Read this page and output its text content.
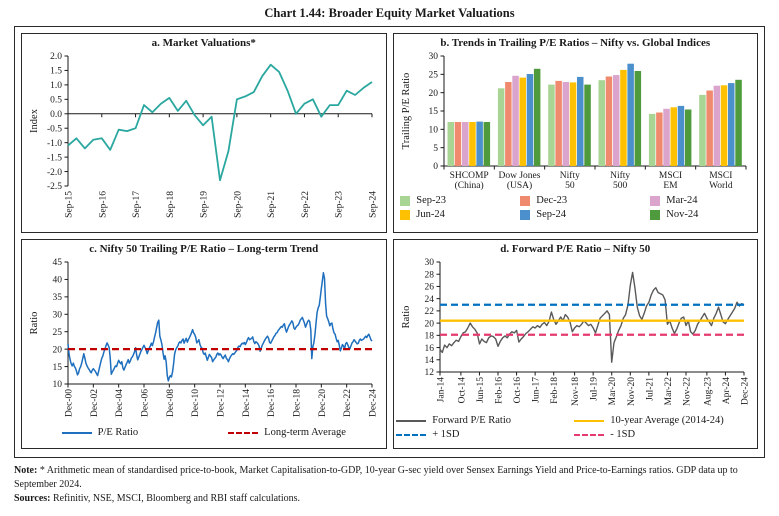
Chart 1.44: Broader Equity Market Valuations
a. Market Valuations*
-2.5
-2.0
-1.5
-1.0
-0.5
0.0
0.5
1.0
1.5
2.0
Index
Sep-15	Sep-16	Sep-17	Sep-18	Sep-19	Sep-20	Sep-21	Sep-22	Sep-23	Sep-24
b. Trends in Trailing P/E Ratios – Nifty vs. Global Indices
0
5
10
15
20
25
30
Trailing P/E Ratio
SHCOMP
(China)
Dow Jones
(USA)
Nifty
50
Nifty
500
MSCI
EM
MSCI
World
Sep-23	Dec-23	Mar-24
Jun-24	Sep-24	Nov-24
c. Nifty 50 Trailing P/E Ratio – Long-term Trend
10
15
20
25
30
35
40
45
Ratio
Dec-00 Dec-02 Dec-04 Dec-06 Dec-08 Dec-10 Dec-12 Dec-14 Dec-16 Dec-18 Dec-20 Dec-22 Dec-24
P/E Ratio	Long-term Average
d. Forward P/E Ratio – Nifty 50
12
14
16
18
20
22
24
26
28
30
Ratio
Jan-14 Oct-14 Jun-15 Feb-16 Oct-16 Jun-17 Feb-18 Nov-18 Jul-19 Mar-20 Nov-20 Jul-21 Mar-22 Nov-22 Aug-23 Apr-24 Dec-24
Forward P/E Ratio	10-year Average (2014-24)
+ 1SD	- 1SD

Note: * Arithmetic mean of standardised price-to-book, Market Capitalisation-to-GDP, 10-year G-sec yield over Sensex Earnings Yield and Price-to-Earnings ratios. GDP data up to September 2024.

Sources: Refinitiv, NSE, MSCI, Bloomberg and RBI staff calculations.
